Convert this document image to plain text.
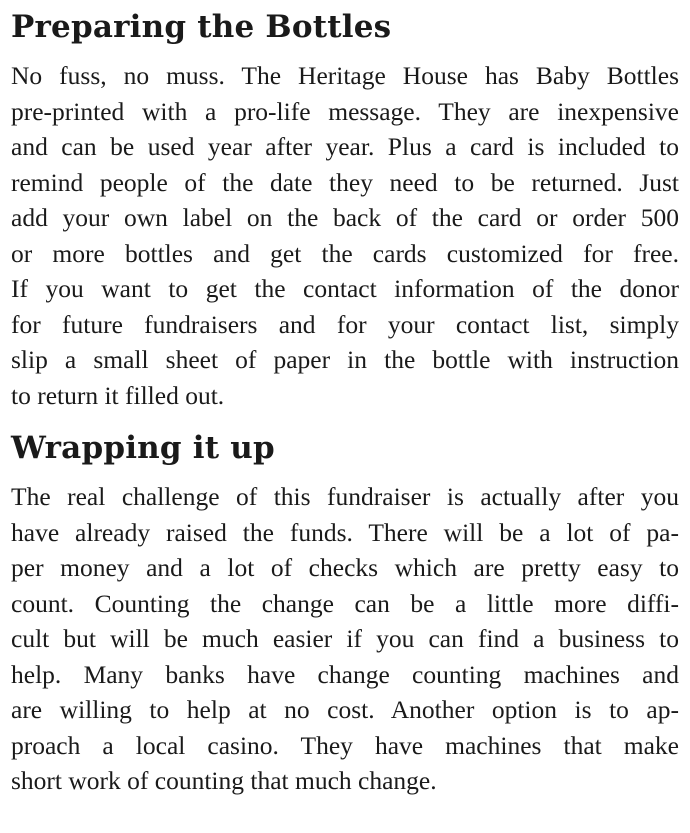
Preparing the Bottles

No fuss, no muss. The Heritage House has Baby Bottles
pre-printed with a pro-life message. They are inexpensive
and can be used year after year. Plus a card is included to
remind people of the date they need to be returned. Just
add your own label on the back of the card or order 500
or more bottles and get the cards customized for free.
If you want to get the contact information of the donor
for future fundraisers and for your contact list, simply
slip a small sheet of paper in the bottle with instruction
to return it filled out.

Wrapping it up

The real challenge of this fundraiser is actually after you
have already raised the funds. There will be a lot of pa-
per money and a lot of checks which are pretty easy to
count. Counting the change can be a little more diffi-
cult but will be much easier if you can find a business to
help. Many banks have change counting machines and
are willing to help at no cost. Another option is to ap-
proach a local casino. They have machines that make
short work of counting that much change.
